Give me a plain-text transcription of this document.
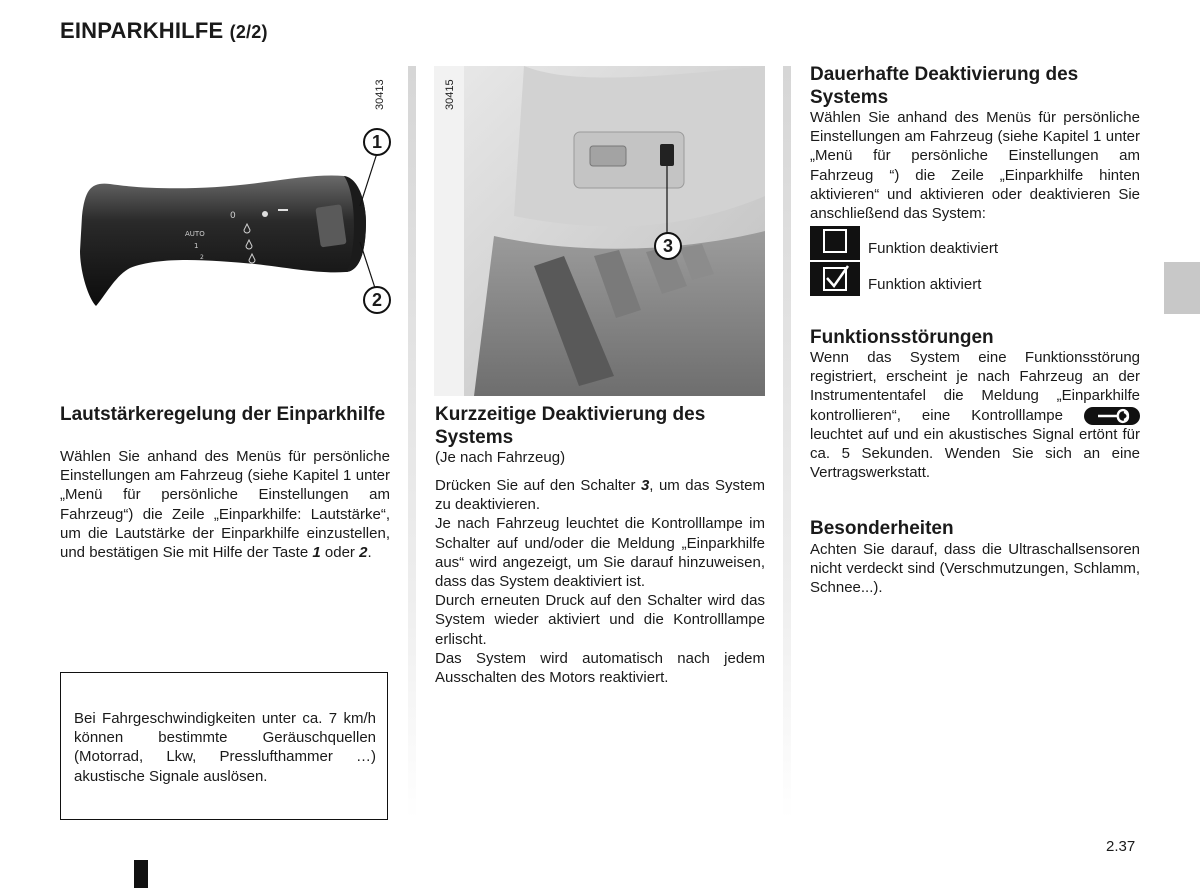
EINPARKHILFE (2/2)
0
AUTO
1
2
30413
1
2
Lautstärkeregelung der Einparkhilfe
Wählen Sie anhand des Menüs für persönliche Einstellungen am Fahrzeug (siehe Kapitel 1 unter „Menü für persönliche Einstellungen am Fahrzeug“) die Zeile „Einparkhilfe: Lautstärke“, um die Lautstärke der Einparkhilfe einzustellen, und bestätigen Sie mit Hilfe der Taste 1 oder 2.
Bei Fahrgeschwindigkeiten unter ca. 7 km/h können bestimmte Geräuschquellen (Motorrad, Lkw, Presslufthammer …) akustische Signale auslösen.
30415
3
Kurzzeitige Deaktivierung des Systems
(Je nach Fahrzeug)
Drücken Sie auf den Schalter 3, um das System zu deaktivieren.
Je nach Fahrzeug leuchtet die Kontrolllampe im Schalter auf und/oder die Meldung „Einparkhilfe aus“ wird angezeigt, um Sie darauf hinzuweisen, dass das System deaktiviert ist.
Durch erneuten Druck auf den Schalter wird das System wieder aktiviert und die Kontrolllampe erlischt.
Das System wird automatisch nach jedem Ausschalten des Motors reaktiviert.
Dauerhafte Deaktivierung des Systems
Wählen Sie anhand des Menüs für persönliche Einstellungen am Fahrzeug (siehe Kapitel 1 unter „Menü für persönliche Einstellungen am Fahrzeug “) die Zeile „Einparkhilfe hinten aktivieren“ und aktivieren oder deaktivieren Sie anschließend das System:
Funktion deaktiviert
Funktion aktiviert
Funktionsstörungen
Wenn das System eine Funktionsstörung registriert, erscheint je nach Fahrzeug an der Instrumententafel die Meldung „Einparkhilfe kontrollieren“, eine Kontrolllampe
leuchtet auf und ein akustisches Signal ertönt für ca. 5 Sekunden. Wenden Sie sich an eine Vertragswerkstatt.
Besonderheiten
Achten Sie darauf, dass die Ultraschallsensoren nicht verdeckt sind (Verschmutzungen, Schlamm, Schnee...).
2.37
